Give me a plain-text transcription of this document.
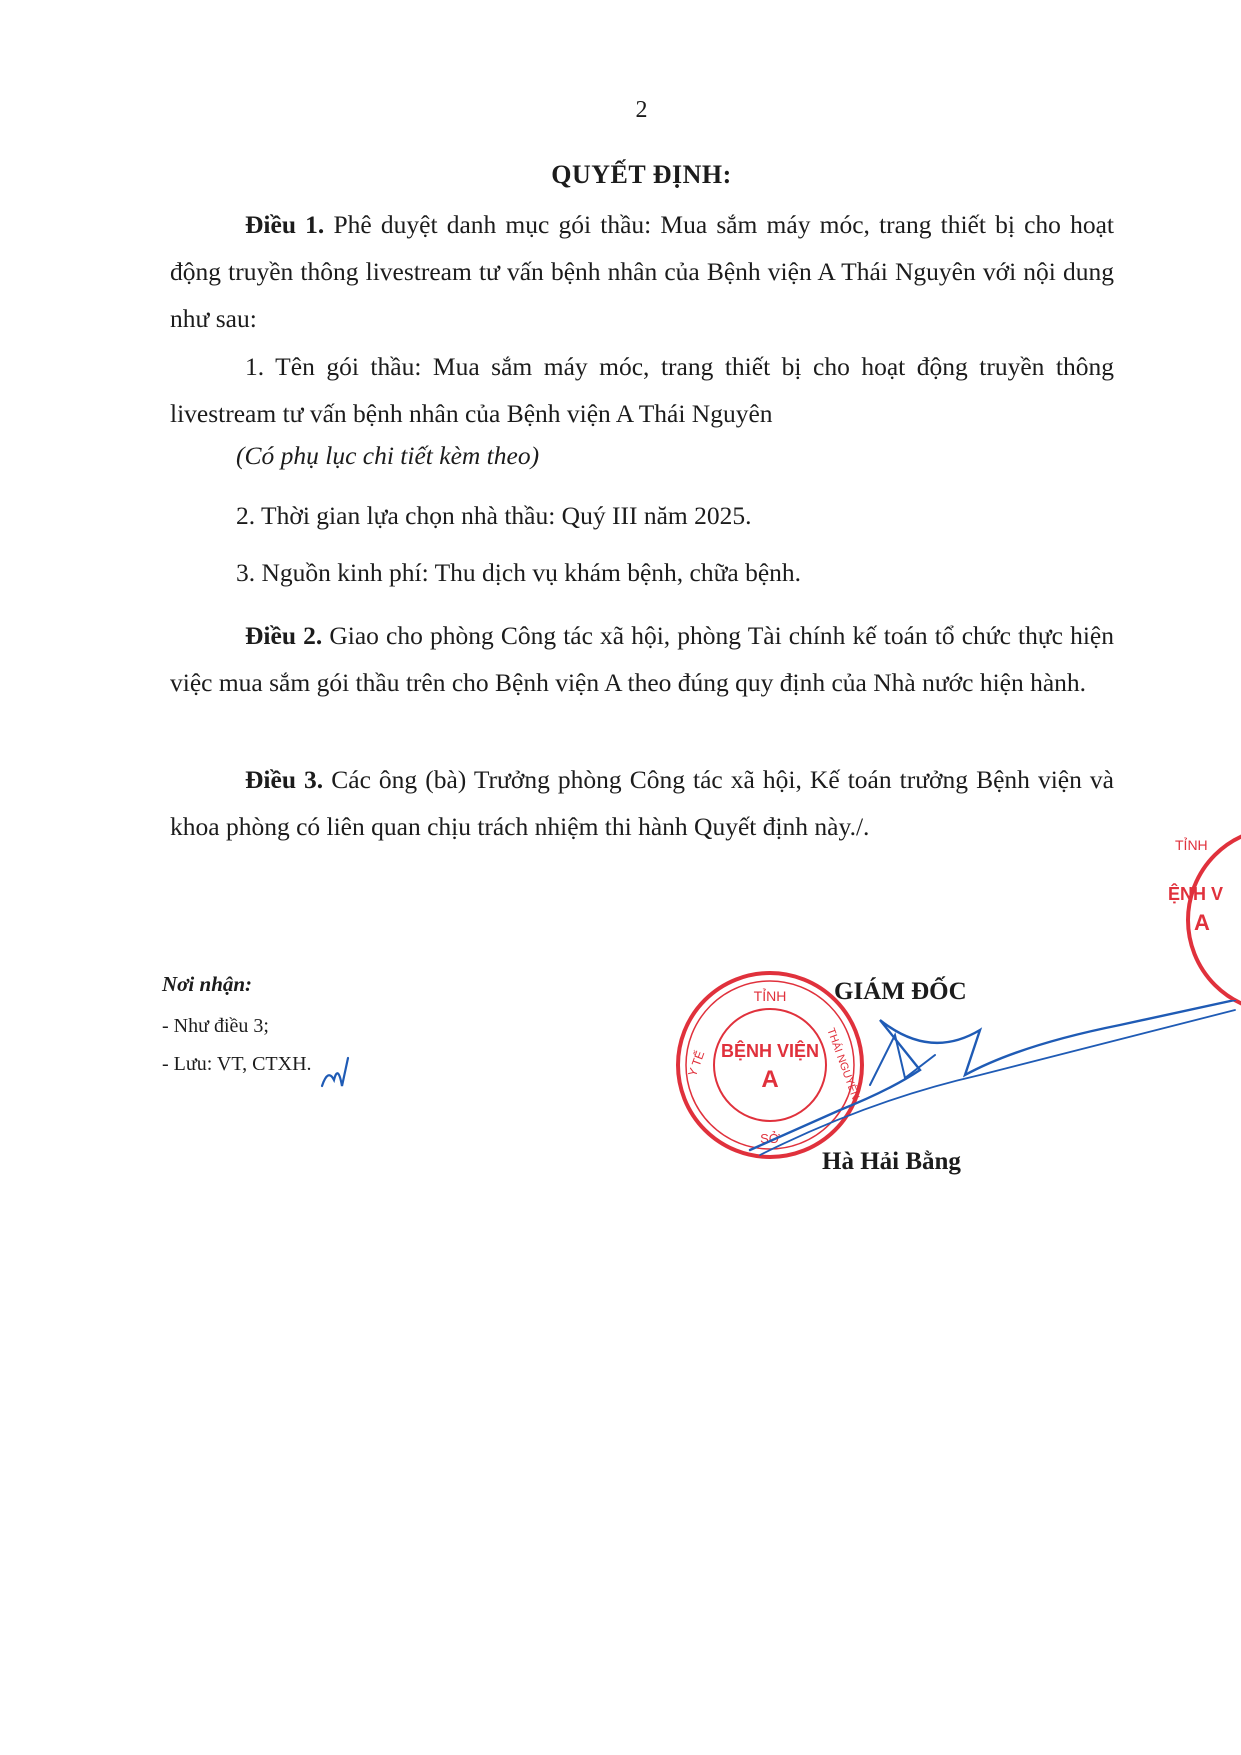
2
QUYẾT ĐỊNH:
Điều 1. Phê duyệt danh mục gói thầu: Mua sắm máy móc, trang thiết bị cho hoạt động truyền thông livestream tư vấn bệnh nhân của Bệnh viện A Thái Nguyên với nội dung như sau:
1. Tên gói thầu: Mua sắm máy móc, trang thiết bị cho hoạt động truyền thông livestream tư vấn bệnh nhân của Bệnh viện A Thái Nguyên
(Có phụ lục chi tiết kèm theo)
2. Thời gian lựa chọn nhà thầu: Quý III năm 2025.
3. Nguồn kinh phí: Thu dịch vụ khám bệnh, chữa bệnh.
Điều 2. Giao cho phòng Công tác xã hội, phòng Tài chính kế toán tổ chức thực hiện việc mua sắm gói thầu trên cho Bệnh viện A theo đúng quy định của Nhà nước hiện hành.
Điều 3. Các ông (bà) Trưởng phòng Công tác xã hội, Kế toán trưởng Bệnh viện và khoa phòng có liên quan chịu trách nhiệm thi hành Quyết định này./.
Nơi nhận:
- Như điều 3;
- Lưu: VT, CTXH.
GIÁM ĐỐC
TỈNH
Y TẾ	THÁI NGUYÊN
BỆNH VIỆN
A
SỞ
TỈNH
ỆNH V
A
Hà Hải Bằng
